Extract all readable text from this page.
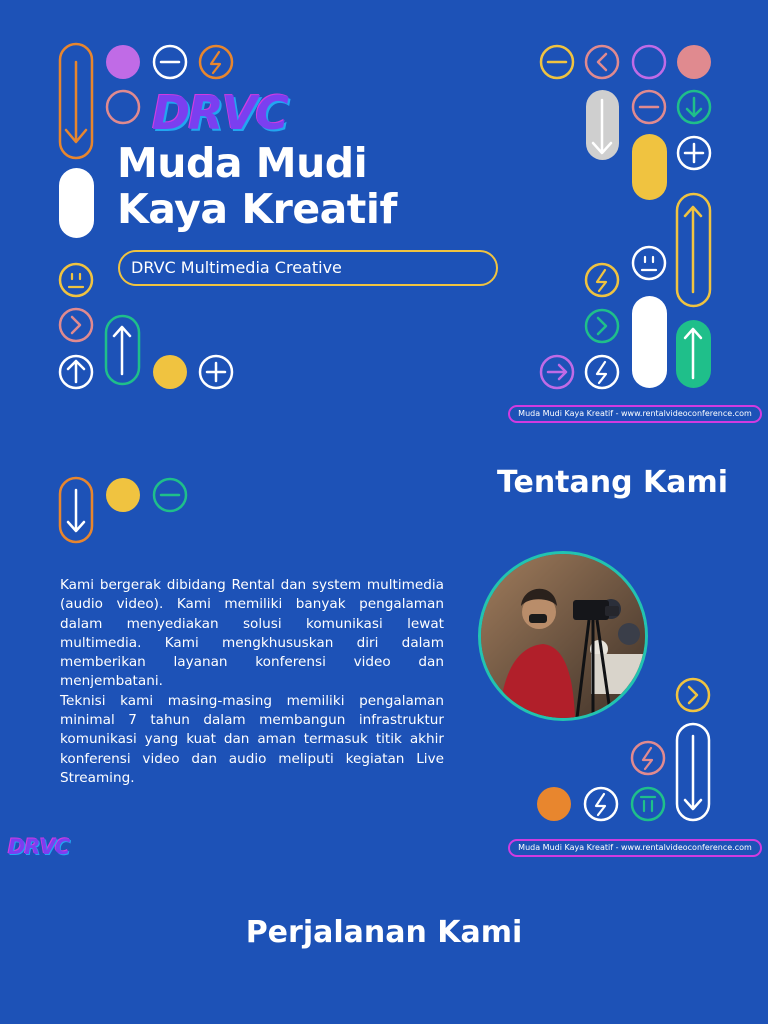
DRVC
Muda Mudi
Kaya Kreatif
DRVC Multimedia Creative
Muda Mudi Kaya Kreatif - www.rentalvideoconference.com
Tentang Kami

Kami bergerak dibidang Rental dan system multimedia (audio video). Kami memiliki banyak pengalaman dalam menyediakan solusi komunikasi lewat multimedia. Kami mengkhususkan diri dalam memberikan layanan konferensi video dan menjembatani.

Teknisi kami masing-masing memiliki pengalaman minimal 7 tahun dalam membangun infrastruktur komunikasi yang kuat dan aman termasuk titik akhir konferensi video dan audio meliputi kegiatan Live Streaming.

Muda Mudi Kaya Kreatif - www.rentalvideoconference.com
DRVC
Perjalanan Kami
